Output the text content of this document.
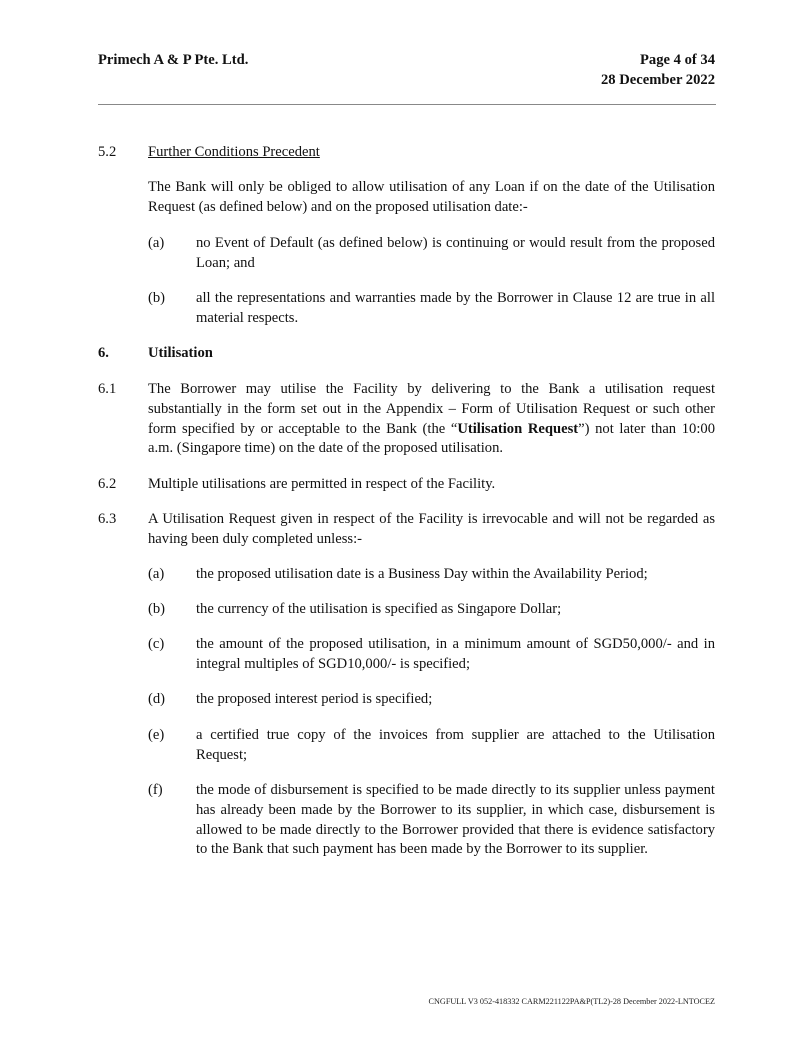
Primech A & P Pte. Ltd.	Page 4 of 34
28 December 2022
5.2 Further Conditions Precedent
The Bank will only be obliged to allow utilisation of any Loan if on the date of the Utilisation Request (as defined below) and on the proposed utilisation date:-
(a) no Event of Default (as defined below) is continuing or would result from the proposed Loan; and
(b) all the representations and warranties made by the Borrower in Clause 12 are true in all material respects.
6.	Utilisation
6.1 The Borrower may utilise the Facility by delivering to the Bank a utilisation request substantially in the form set out in the Appendix – Form of Utilisation Request or such other form specified by or acceptable to the Bank (the “Utilisation Request”) not later than 10:00 a.m. (Singapore time) on the date of the proposed utilisation.
6.2 Multiple utilisations are permitted in respect of the Facility.
6.3 A Utilisation Request given in respect of the Facility is irrevocable and will not be regarded as having been duly completed unless:-
(a) the proposed utilisation date is a Business Day within the Availability Period;
(b) the currency of the utilisation is specified as Singapore Dollar;
(c) the amount of the proposed utilisation, in a minimum amount of SGD50,000/- and in integral multiples of SGD10,000/- is specified;
(d) the proposed interest period is specified;
(e) a certified true copy of the invoices from supplier are attached to the Utilisation Request;
(f) the mode of disbursement is specified to be made directly to its supplier unless payment has already been made by the Borrower to its supplier, in which case, disbursement is allowed to be made directly to the Borrower provided that there is evidence satisfactory to the Bank that such payment has been made by the Borrower to its supplier.
CNGFULL V3 052-418332 CARM221122PA&P(TL2)-28 December 2022-LNTOCEZ
